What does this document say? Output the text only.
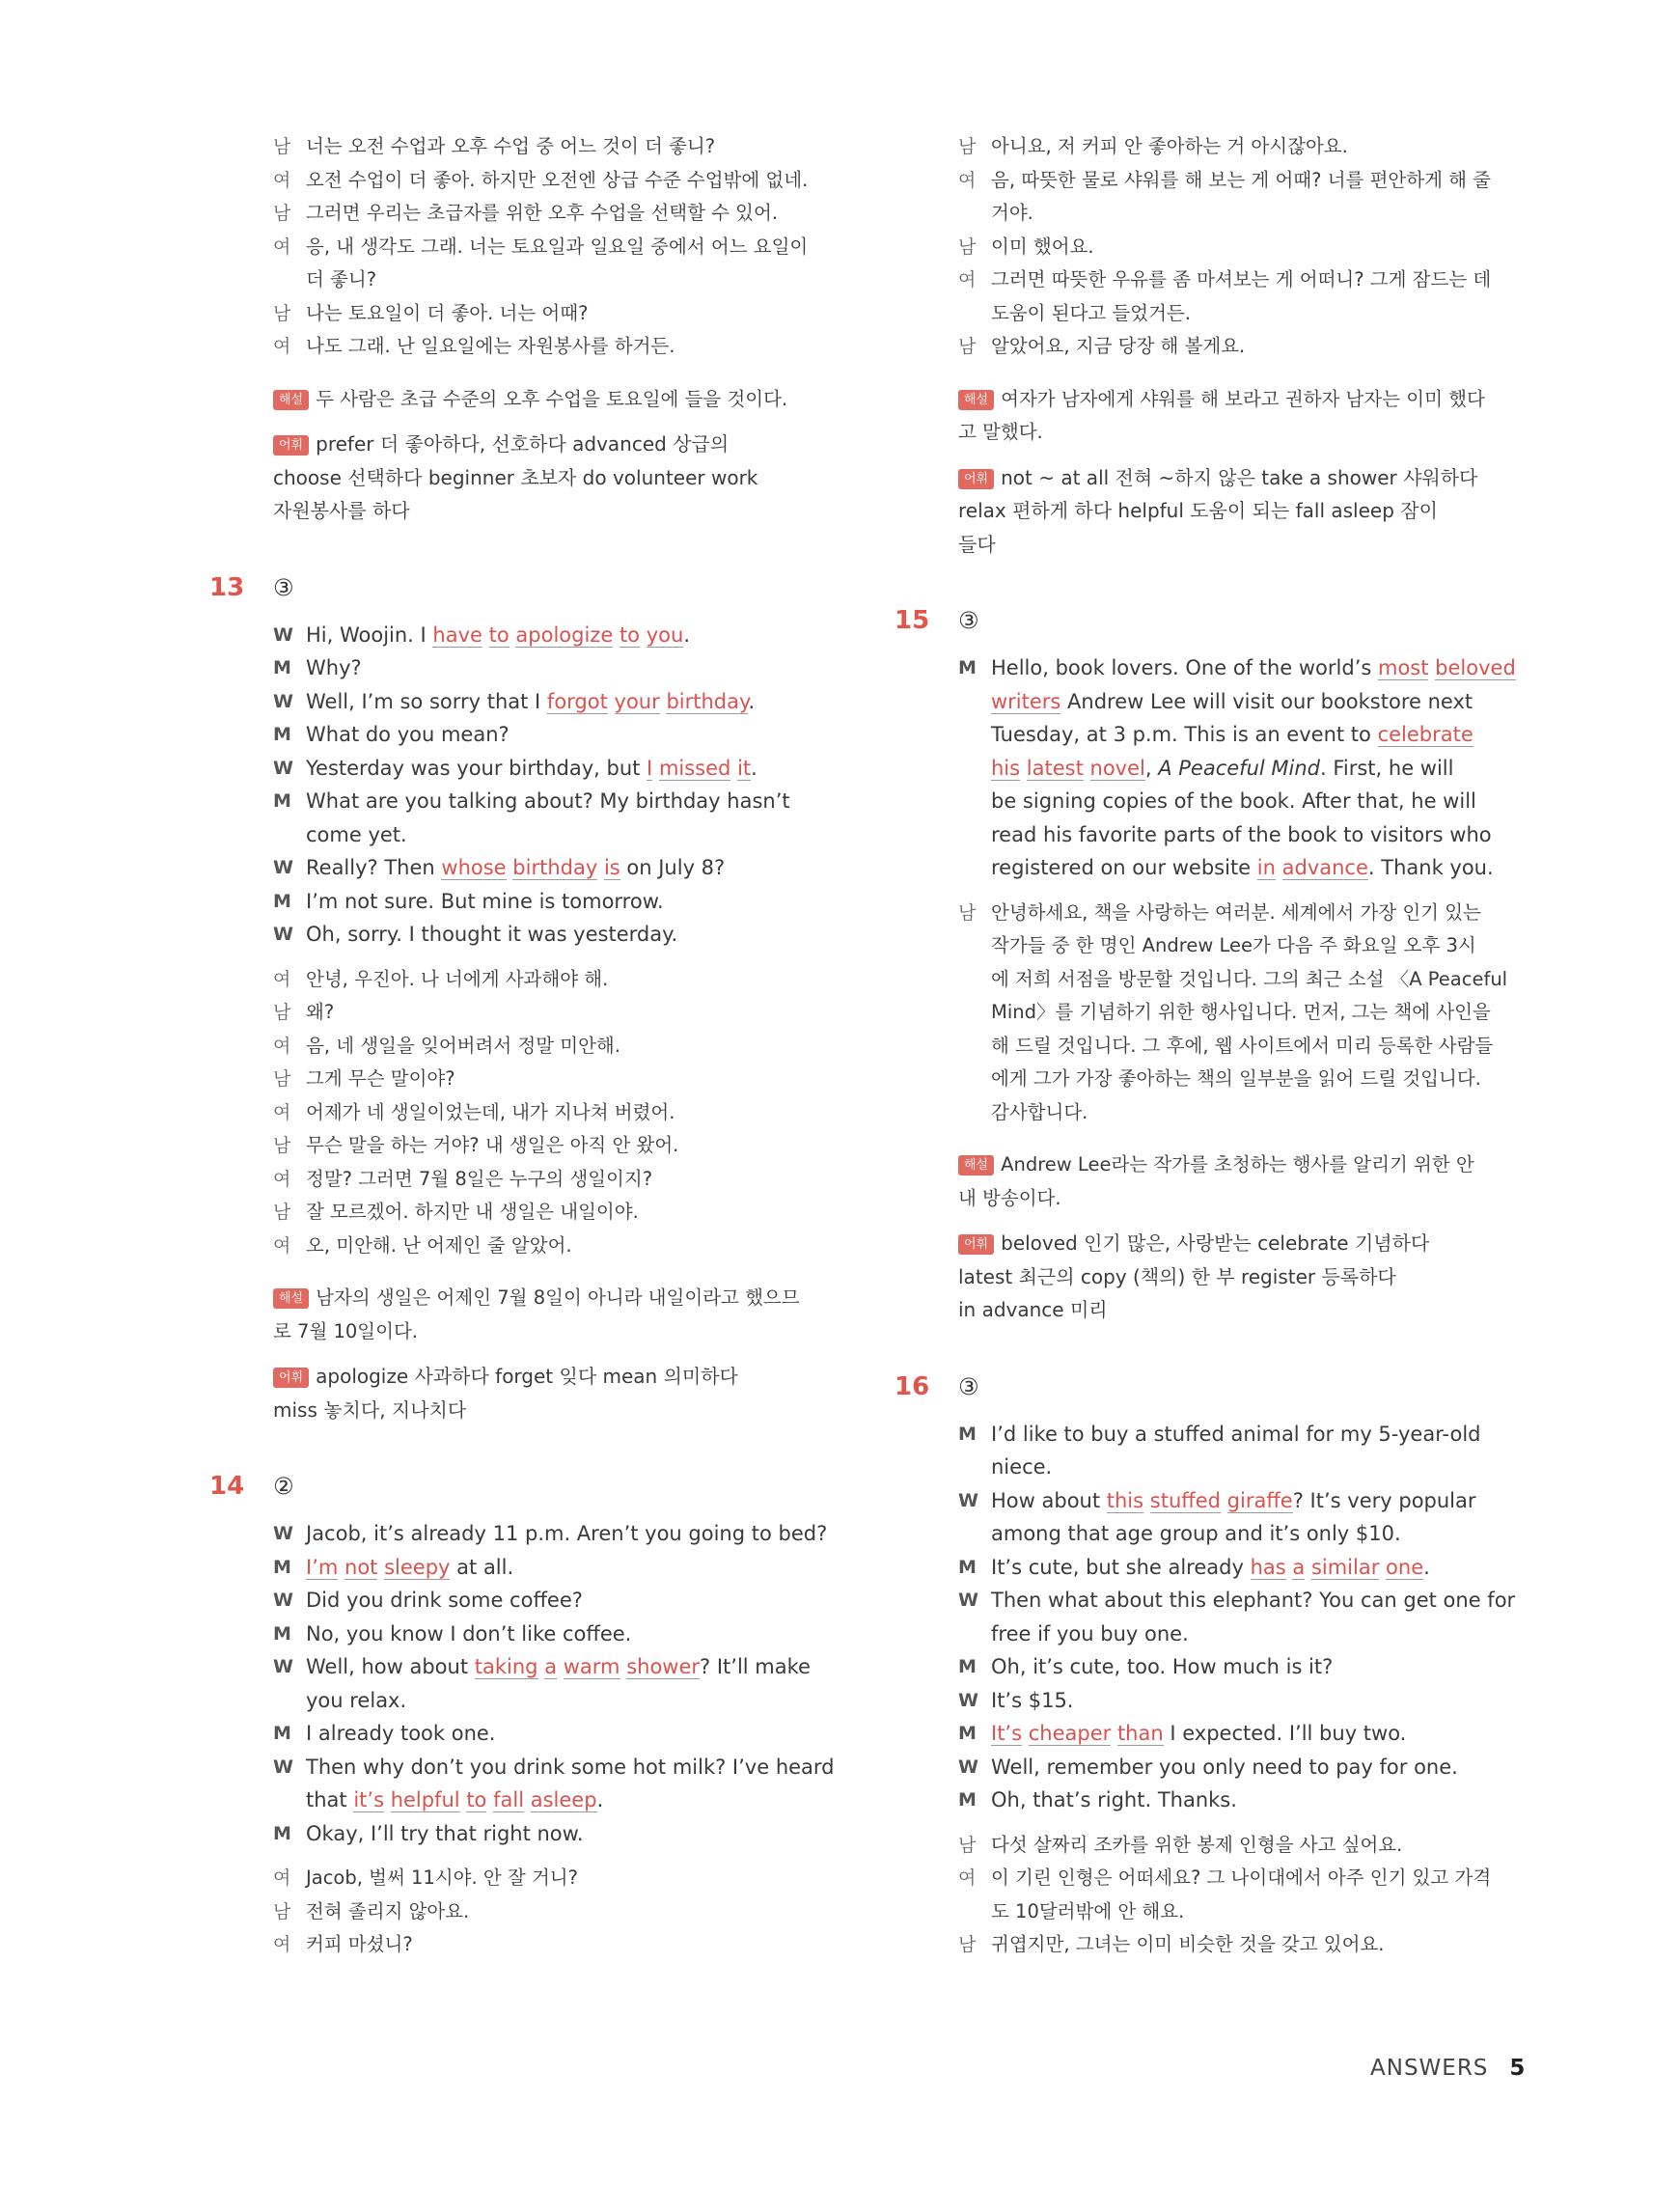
남 너는 오전 수업과 오후 수업 중 어느 것이 더 좋니?
여 오전 수업이 더 좋아. 하지만 오전엔 상급 수준 수업밖에 없네.
남 그러면 우리는 초급자를 위한 오후 수업을 선택할 수 있어.
여 응, 내 생각도 그래. 너는 토요일과 일요일 중에서 어느 요일이
더 좋니?
남 나는 토요일이 더 좋아. 너는 어때?
여 나도 그래. 난 일요일에는 자원봉사를 하거든.
해설 두 사람은 초급 수준의 오후 수업을 토요일에 들을 것이다.
어휘 prefer 더 좋아하다, 선호하다 advanced 상급의
choose 선택하다 beginner 초보자 do volunteer work
자원봉사를 하다
13 ③
W Hi, Woojin. I have to apologize to you.
M Why?
W Well, I’m so sorry that I forgot your birthday.
M What do you mean?
W Yesterday was your birthday, but I missed it.
M What are you talking about? My birthday hasn’t
come yet.
W Really? Then whose birthday is on July 8?
M I’m not sure. But mine is tomorrow.
W Oh, sorry. I thought it was yesterday.
여 안녕, 우진아. 나 너에게 사과해야 해.
남 왜?
여 음, 네 생일을 잊어버려서 정말 미안해.
남 그게 무슨 말이야?
여 어제가 네 생일이었는데, 내가 지나쳐 버렸어.
남 무슨 말을 하는 거야? 내 생일은 아직 안 왔어.
여 정말? 그러면 7월 8일은 누구의 생일이지?
남 잘 모르겠어. 하지만 내 생일은 내일이야.
여 오, 미안해. 난 어제인 줄 알았어.
해설 남자의 생일은 어제인 7월 8일이 아니라 내일이라고 했으므
로 7월 10일이다.
어휘 apologize 사과하다 forget 잊다 mean 의미하다
miss 놓치다, 지나치다
14 ②
W Jacob, it’s already 11 p.m. Aren’t you going to bed?
M I’m not sleepy at all.
W Did you drink some coffee?
M No, you know I don’t like coffee.
W Well, how about taking a warm shower? It’ll make
you relax.
M I already took one.
W Then why don’t you drink some hot milk? I’ve heard
that it’s helpful to fall asleep.
M Okay, I’ll try that right now.
여 Jacob, 벌써 11시야. 안 잘 거니?
남 전혀 졸리지 않아요.
여 커피 마셨니?
남 아니요, 저 커피 안 좋아하는 거 아시잖아요.
여 음, 따뜻한 물로 샤워를 해 보는 게 어때? 너를 편안하게 해 줄
거야.
남 이미 했어요.
여 그러면 따뜻한 우유를 좀 마셔보는 게 어떠니? 그게 잠드는 데
도움이 된다고 들었거든.
남 알았어요, 지금 당장 해 볼게요.
해설 여자가 남자에게 샤워를 해 보라고 권하자 남자는 이미 했다
고 말했다.
어휘 not ~ at all 전혀 ~하지 않은 take a shower 샤워하다
relax 편하게 하다 helpful 도움이 되는 fall asleep 잠이
들다
15 ③
M Hello, book lovers. One of the world’s most beloved
writers Andrew Lee will visit our bookstore next
Tuesday, at 3 p.m. This is an event to celebrate
his latest novel, A Peaceful Mind. First, he will
be signing copies of the book. After that, he will
read his favorite parts of the book to visitors who
registered on our website in advance. Thank you.
남 안녕하세요, 책을 사랑하는 여러분. 세계에서 가장 인기 있는
작가들 중 한 명인 Andrew Lee가 다음 주 화요일 오후 3시
에 저희 서점을 방문할 것입니다. 그의 최근 소설 〈A Peaceful
Mind〉를 기념하기 위한 행사입니다. 먼저, 그는 책에 사인을
해 드릴 것입니다. 그 후에, 웹 사이트에서 미리 등록한 사람들
에게 그가 가장 좋아하는 책의 일부분을 읽어 드릴 것입니다.
감사합니다.
해설 Andrew Lee라는 작가를 초청하는 행사를 알리기 위한 안
내 방송이다.
어휘 beloved 인기 많은, 사랑받는 celebrate 기념하다
latest 최근의 copy (책의) 한 부 register 등록하다
in advance 미리
16 ③
M I’d like to buy a stuffed animal for my 5-year-old
niece.
W How about this stuffed giraffe? It’s very popular
among that age group and it’s only $10.
M It’s cute, but she already has a similar one.
W Then what about this elephant? You can get one for
free if you buy one.
M Oh, it’s cute, too. How much is it?
W It’s $15.
M It’s cheaper than I expected. I’ll buy two.
W Well, remember you only need to pay for one.
M Oh, that’s right. Thanks.
남 다섯 살짜리 조카를 위한 봉제 인형을 사고 싶어요.
여 이 기린 인형은 어떠세요? 그 나이대에서 아주 인기 있고 가격
도 10달러밖에 안 해요.
남 귀엽지만, 그녀는 이미 비슷한 것을 갖고 있어요.
ANSWERS 5
